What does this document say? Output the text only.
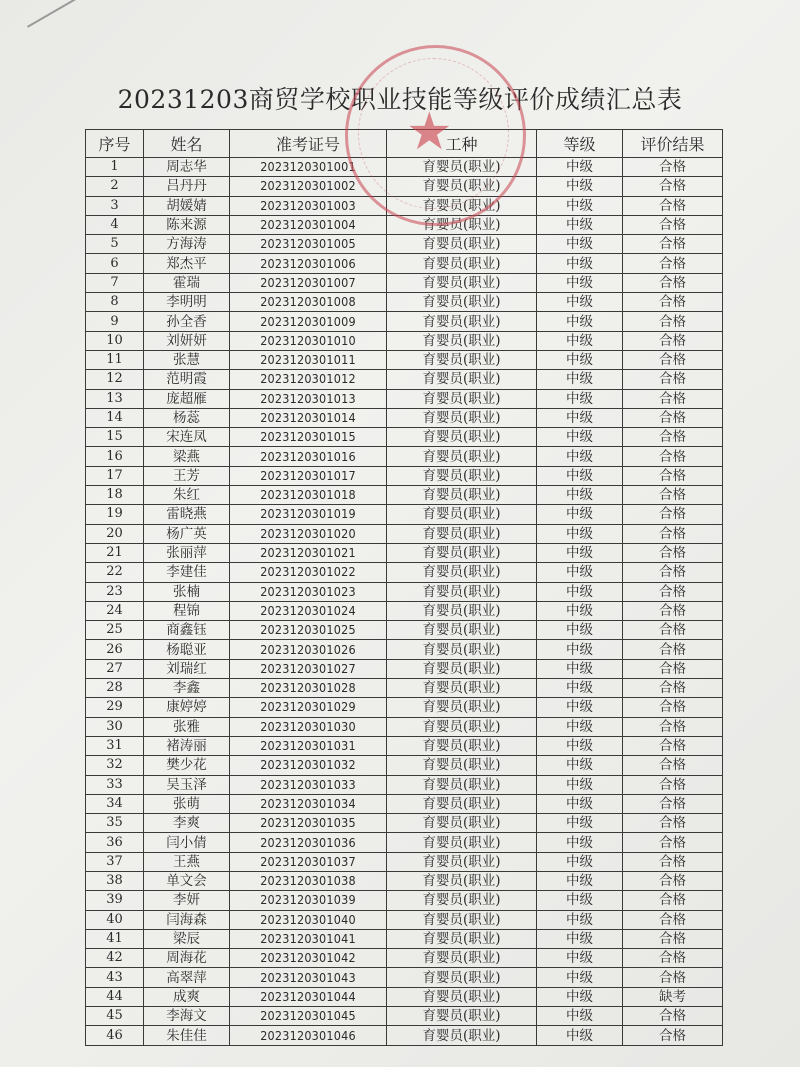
20231203商贸学校职业技能等级评价成绩汇总表
序号	姓名	准考证号	工种	等级	评价结果
1	周志华	2023120301001	育婴员(职业)	中级	合格
2	吕丹丹	2023120301002	育婴员(职业)	中级	合格
3	胡媛婧	2023120301003	育婴员(职业)	中级	合格
4	陈来源	2023120301004	育婴员(职业)	中级	合格
5	方海涛	2023120301005	育婴员(职业)	中级	合格
6	郑杰平	2023120301006	育婴员(职业)	中级	合格
7	霍瑞	2023120301007	育婴员(职业)	中级	合格
8	李明明	2023120301008	育婴员(职业)	中级	合格
9	孙全香	2023120301009	育婴员(职业)	中级	合格
10	刘妍妍	2023120301010	育婴员(职业)	中级	合格
11	张慧	2023120301011	育婴员(职业)	中级	合格
12	范明霞	2023120301012	育婴员(职业)	中级	合格
13	庞超雁	2023120301013	育婴员(职业)	中级	合格
14	杨蕊	2023120301014	育婴员(职业)	中级	合格
15	宋连凤	2023120301015	育婴员(职业)	中级	合格
16	梁燕	2023120301016	育婴员(职业)	中级	合格
17	王芳	2023120301017	育婴员(职业)	中级	合格
18	朱红	2023120301018	育婴员(职业)	中级	合格
19	雷晓燕	2023120301019	育婴员(职业)	中级	合格
20	杨广英	2023120301020	育婴员(职业)	中级	合格
21	张丽萍	2023120301021	育婴员(职业)	中级	合格
22	李建佳	2023120301022	育婴员(职业)	中级	合格
23	张楠	2023120301023	育婴员(职业)	中级	合格
24	程锦	2023120301024	育婴员(职业)	中级	合格
25	商鑫钰	2023120301025	育婴员(职业)	中级	合格
26	杨聪亚	2023120301026	育婴员(职业)	中级	合格
27	刘瑞红	2023120301027	育婴员(职业)	中级	合格
28	李鑫	2023120301028	育婴员(职业)	中级	合格
29	康婷婷	2023120301029	育婴员(职业)	中级	合格
30	张雅	2023120301030	育婴员(职业)	中级	合格
31	褚涛丽	2023120301031	育婴员(职业)	中级	合格
32	樊少花	2023120301032	育婴员(职业)	中级	合格
33	吴玉泽	2023120301033	育婴员(职业)	中级	合格
34	张萌	2023120301034	育婴员(职业)	中级	合格
35	李爽	2023120301035	育婴员(职业)	中级	合格
36	闫小倩	2023120301036	育婴员(职业)	中级	合格
37	王燕	2023120301037	育婴员(职业)	中级	合格
38	单文会	2023120301038	育婴员(职业)	中级	合格
39	李妍	2023120301039	育婴员(职业)	中级	合格
40	闫海森	2023120301040	育婴员(职业)	中级	合格
41	梁辰	2023120301041	育婴员(职业)	中级	合格
42	周海花	2023120301042	育婴员(职业)	中级	合格
43	高翠萍	2023120301043	育婴员(职业)	中级	合格
44	成爽	2023120301044	育婴员(职业)	中级	缺考
45	李海文	2023120301045	育婴员(职业)	中级	合格
46	朱佳佳	2023120301046	育婴员(职业)	中级	合格
★
